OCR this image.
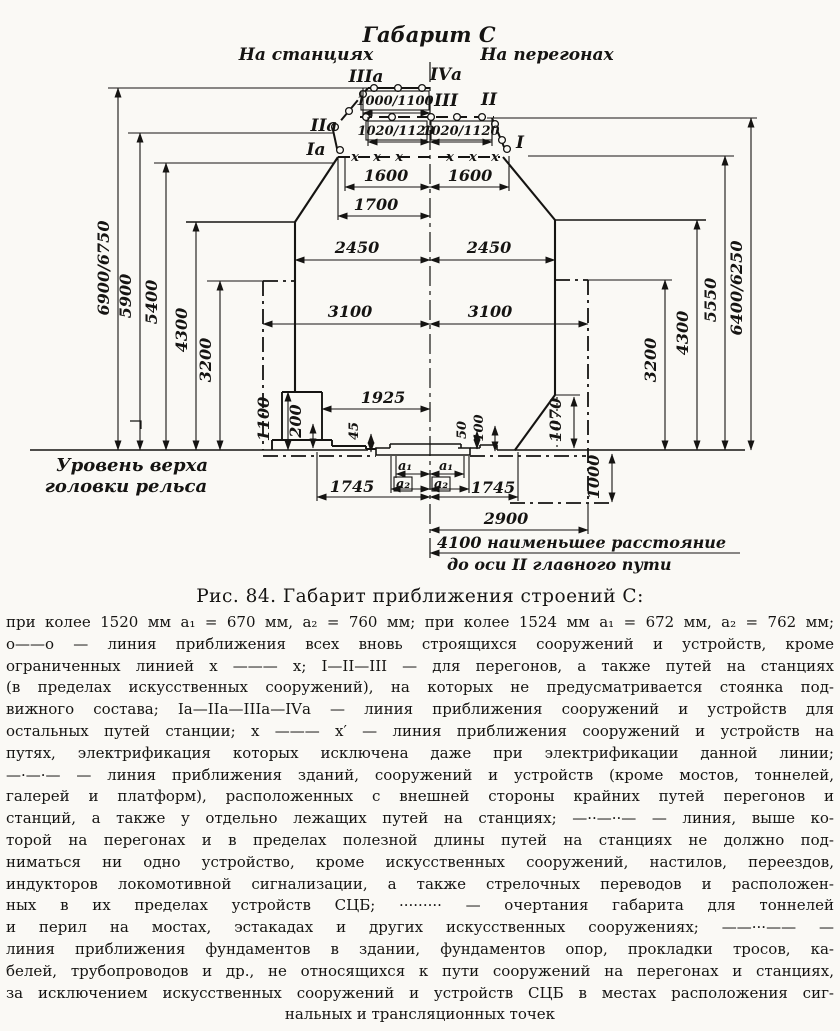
Габарит С
На станциях	На перегонах
Уровень верха
головки рельса
6900/6750 5900 5400
4300
3200	3200
4300
5550 6400/6250
x x x	x x x
IIIа	IVа
III II
IIа
Iа	I
1000/1100
1020/1120
1020/1120
1600 1600
1700
2450	2450
3100	3100
1925
1100 200	45	50 100	1070
1000
a₁ a₁
a₂ a₂
1745	1745
2900
4100 наименьшее расстояние
до оси II главного пути
Рис. 84. Габарит приближения строений С:
при колее 1520 мм a₁ = 670 мм, a₂ = 760 мм; при колее 1524 мм a₁ = 672 мм, a₂ = 762 мм;
о——о — линия приближения всех вновь строящихся сооружений и устройств, кроме
ограниченных линией х ——— х; I—II—III — для перегонов, а также путей на станциях
(в пределах искусственных сооружений), на которых не предусматривается стоянка под-
вижного состава; Iа—IIа—IIIа—IVа — линия приближения сооружений и устройств для
остальных путей станции; х ——— х′ — линия приближения сооружений и устройств на
путях, электрификация которых исключена даже при электрификации данной линии;
—·—·— — линия приближения зданий, сооружений и устройств (кроме мостов, тоннелей,
галерей и платформ), расположенных с внешней стороны крайних путей перегонов и
станций, а также у отдельно лежащих путей на станциях; —··—··— — линия, выше ко-
торой на перегонах и в пределах полезной длины путей на станциях не должно под-
ниматься ни одно устройство, кроме искусственных сооружений, настилов, переездов,
индукторов локомотивной сигнализации, а также стрелочных переводов и расположен-
ных в их пределах устройств СЦБ; ········· — очертания габарита для тоннелей
и перил на мостах, эстакадах и других искусственных сооружениях; ——···—— —
линия приближения фундаментов в здании, фундаментов опор, прокладки тросов, ка-
белей, трубопроводов и др., не относящихся к пути сооружений на перегонах и станциях,
за исключением искусственных сооружений и устройств СЦБ в местах расположения сиг-
нальных и трансляционных точек
